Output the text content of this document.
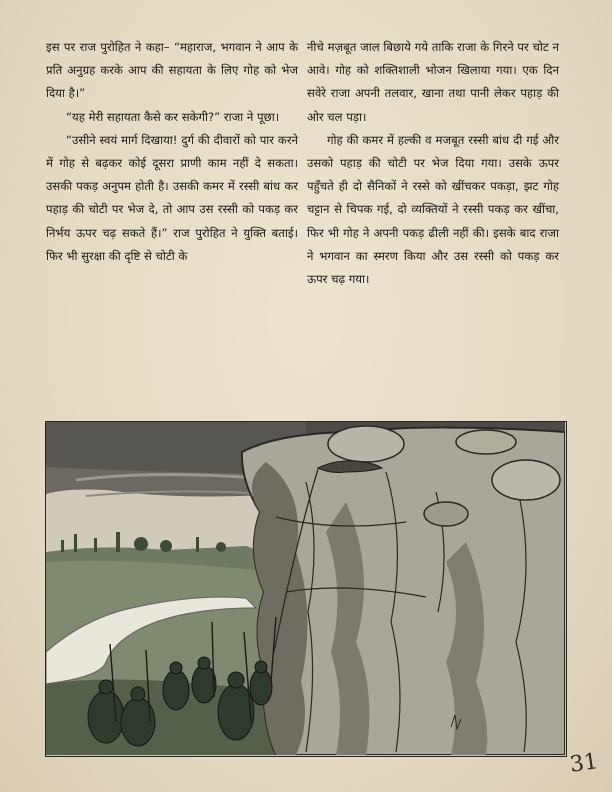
इस पर राज पुरोहित ने कहा– “महाराज, भगवान ने आप के प्रति अनुग्रह करके आप की सहायता के लिए गोह को भेज दिया है।”

“यह मेरी सहायता कैसे कर सकेगी?” राजा ने पूछा।

“उसीने स्वयं मार्ग दिखाया! दुर्ग की दीवारों को पार करने में गोह से बढ़कर कोई दूसरा प्राणी काम नहीं दे सकता। उसकी पकड़ अनुपम होती है। उसकी कमर में रस्सी बांध कर पहाड़ की चोटी पर भेज दे, तो आप उस रस्सी को पकड़ कर निर्भय ऊपर चढ़ सकते हैं।” राज पुरोहित ने युक्ति बताई। फिर भी सुरक्षा की दृष्टि से चोटी के

नीचे मज़बूत जाल बिछाये गये ताकि राजा के गिरने पर चोट न आवे। गोह को शक्तिशाली भोजन खिलाया गया। एक दिन सवेरे राजा अपनी तलवार, खाना तथा पानी लेकर पहाड़ की ओर चल पड़ा।

गोह की कमर में हल्की व मजबूत रस्सी बांध दी गई और उसको पहाड़ की चोटी पर भेज दिया गया। उसके ऊपर पहुँचते ही दो सैनिकों ने रस्से को खींचकर पकड़ा, झट गोह चट्टान से चिपक गई, दो व्यक्तियों ने रस्सी पकड़ कर खींचा, फिर भी गोह ने अपनी पकड़ ढीली नहीं की। इसके बाद राजा ने भगवान का स्मरण किया और उस रस्सी को पकड़ कर ऊपर चढ़ गया।

31
